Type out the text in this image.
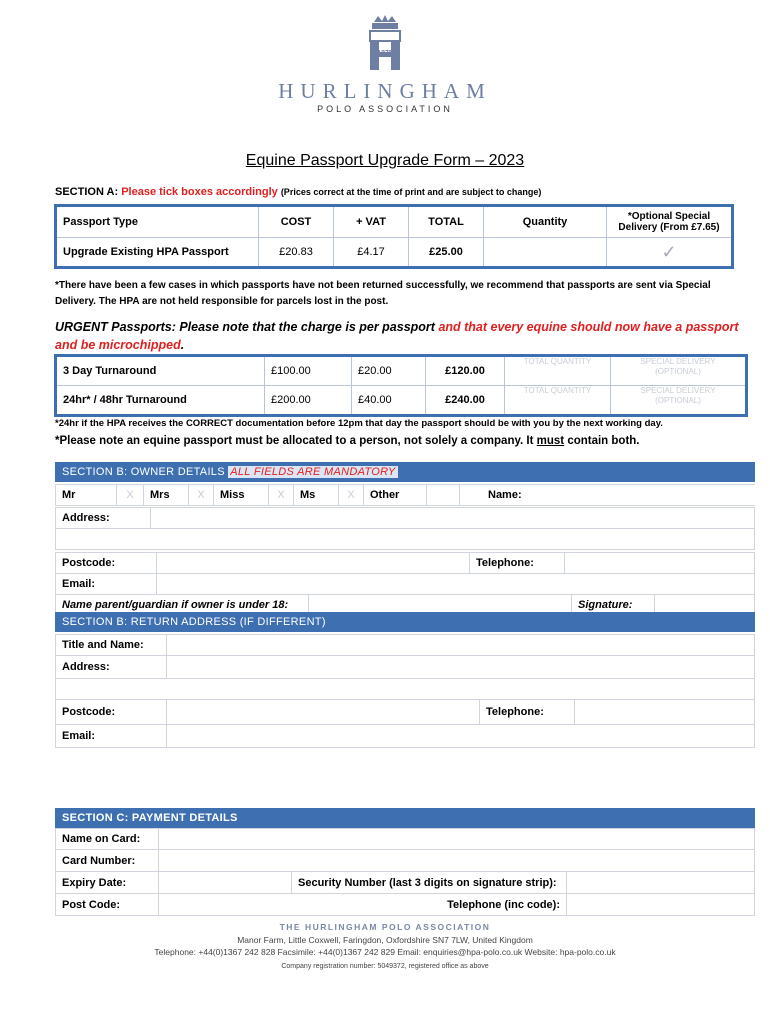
1875
HURLINGHAM
POLO ASSOCIATION
Equine Passport Upgrade Form – 2023
SECTION A: Please tick boxes accordingly (Prices correct at the time of print and are subject to change)
Passport Type	COST	+ VAT	TOTAL	Quantity	*Optional Special Delivery (From £7.65)
Upgrade Existing HPA Passport	£20.83	£4.17	£25.00		✓
*There have been a few cases in which passports have not been returned successfully, we recommend that passports are sent via Special Delivery. The HPA are not held responsible for parcels lost in the post.
URGENT Passports: Please note that the charge is per passport and that every equine should now have a passport and be microchipped.
3 Day Turnaround	£100.00	£20.00	£120.00	TOTAL QUANTITY	SPECIAL DELIVERY (OPTIONAL)
24hr* / 48hr Turnaround	£200.00	£40.00	£240.00	TOTAL QUANTITY	SPECIAL DELIVERY (OPTIONAL)
*24hr if the HPA receives the CORRECT documentation before 12pm that day the passport should be with you by the next working day.
*Please note an equine passport must be allocated to a person, not solely a company. It must contain both.
SECTION B: OWNER DETAILS ALL FIELDS ARE MANDATORY
Mr	X	Mrs	X	Miss	X	Ms	X	Other		Name:
Address:	

Postcode:		Telephone:	
Email:			
Name parent/guardian if owner is under 18:		Signature:	
SECTION B: RETURN ADDRESS (IF DIFFERENT)
Title and Name:			
Address:			

Postcode:		Telephone:	
Email:			
SECTION C: PAYMENT DETAILS
Name on Card:			
Card Number:			
Expiry Date:		Security Number (last 3 digits on signature strip):	
Post Code:	Telephone (inc code):		
THE HURLINGHAM POLO ASSOCIATION
Manor Farm, Little Coxwell, Faringdon, Oxfordshire SN7 7LW, United Kingdom
Telephone: +44(0)1367 242 828 Facsimile: +44(0)1367 242 829 Email: enquiries@hpa-polo.co.uk Website: hpa-polo.co.uk
Company registration number: 5049372, registered office as above
